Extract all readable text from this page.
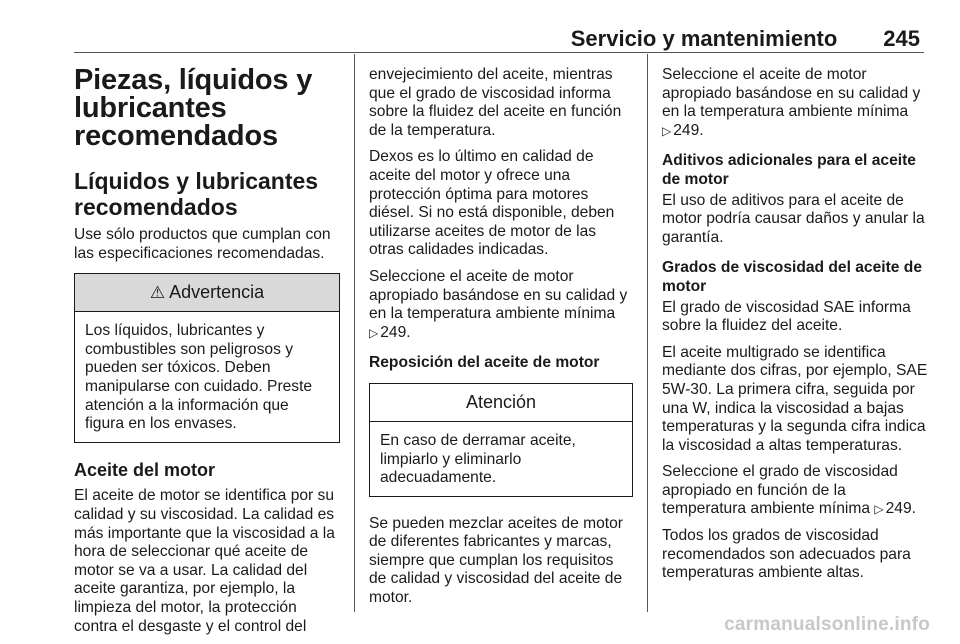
Servicio y mantenimiento 245
Piezas, líquidos y lubricantes recomendados
Líquidos y lubricantes recomendados

Use sólo productos que cumplan con las especificaciones recomendadas.

⚠ Advertencia
Los líquidos, lubricantes y combustibles son peligrosos y pueden ser tóxicos. Deben manipularse con cuidado. Preste atención a la información que figura en los envases.
Aceite del motor

El aceite de motor se identifica por su calidad y su viscosidad. La calidad es más importante que la viscosidad a la hora de seleccionar qué aceite de motor se va a usar. La calidad del aceite garantiza, por ejemplo, la limpieza del motor, la protección contra el desgaste y el control del

envejecimiento del aceite, mientras que el grado de viscosidad informa sobre la fluidez del aceite en función de la temperatura.

Dexos es lo último en calidad de aceite del motor y ofrece una protección óptima para motores diésel. Si no está disponible, deben utilizarse aceites de motor de las otras calidades indicadas.

Seleccione el aceite de motor apropiado basándose en su calidad y en la temperatura ambiente mínima
▷ 249.

Reposición del aceite de motor
Atención
En caso de derramar aceite, limpiarlo y eliminarlo adecuadamente.

Se pueden mezclar aceites de motor de diferentes fabricantes y marcas, siempre que cumplan los requisitos de calidad y viscosidad del aceite de motor.

Seleccione el aceite de motor apropiado basándose en su calidad y en la temperatura ambiente mínima
▷ 249.

Aditivos adicionales para el aceite de motor

El uso de aditivos para el aceite de motor podría causar daños y anular la garantía.

Grados de viscosidad del aceite de motor

El grado de viscosidad SAE informa sobre la fluidez del aceite.

El aceite multigrado se identifica mediante dos cifras, por ejemplo, SAE 5W-30. La primera cifra, seguida por una W, indica la viscosidad a bajas temperaturas y la segunda cifra indica la viscosidad a altas temperaturas.

Seleccione el grado de viscosidad apropiado en función de la temperatura ambiente mínima ▷ 249.

Todos los grados de viscosidad recomendados son adecuados para temperaturas ambiente altas.

carmanualsonline.info
